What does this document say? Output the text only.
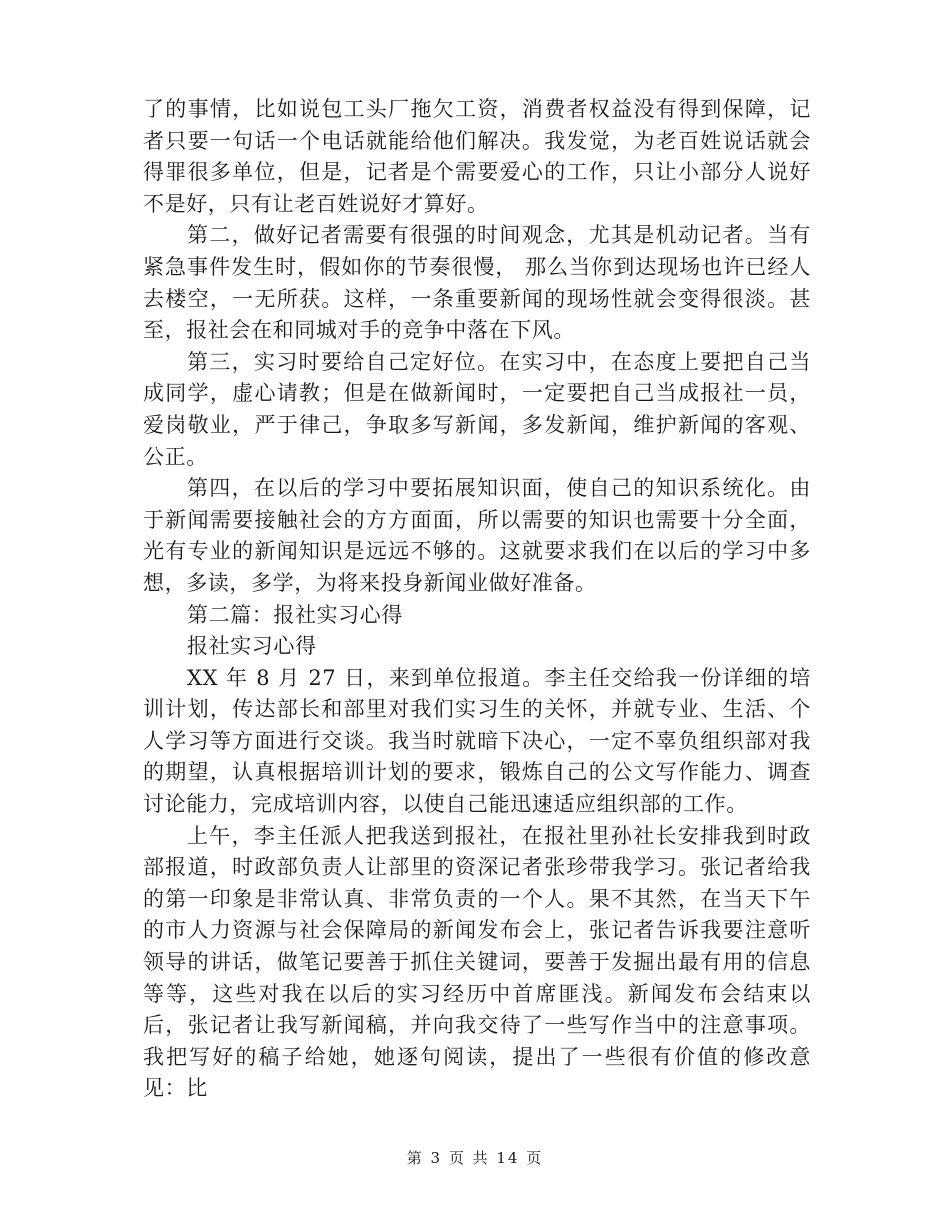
了的事情，比如说包工头厂拖欠工资，消费者权益没有得到保障，记者只要一句话一个电话就能给他们解决。我发觉，为老百姓说话就会得罪很多单位，但是，记者是个需要爱心的工作，只让小部分人说好不是好，只有让老百姓说好才算好。

第二，做好记者需要有很强的时间观念，尤其是机动记者。当有紧急事件发生时，假如你的节奏很慢， 那么当你到达现场也许已经人去楼空，一无所获。这样，一条重要新闻的现场性就会变得很淡。甚至，报社会在和同城对手的竞争中落在下风。

第三，实习时要给自己定好位。在实习中，在态度上要把自己当成同学，虚心请教；但是在做新闻时，一定要把自己当成报社一员，爱岗敬业，严于律己，争取多写新闻，多发新闻，维护新闻的客观、公正。

第四，在以后的学习中要拓展知识面，使自己的知识系统化。由于新闻需要接触社会的方方面面，所以需要的知识也需要十分全面，光有专业的新闻知识是远远不够的。这就要求我们在以后的学习中多想，多读，多学，为将来投身新闻业做好准备。

第二篇：报社实习心得

报社实习心得

XX 年 8 月 27 日，来到单位报道。李主任交给我一份详细的培训计划，传达部长和部里对我们实习生的关怀，并就专业、生活、个人学习等方面进行交谈。我当时就暗下决心，一定不辜负组织部对我的期望，认真根据培训计划的要求，锻炼自己的公文写作能力、调查讨论能力，完成培训内容，以使自己能迅速适应组织部的工作。

上午，李主任派人把我送到报社，在报社里孙社长安排我到时政部报道，时政部负责人让部里的资深记者张珍带我学习。张记者给我的第一印象是非常认真、非常负责的一个人。果不其然，在当天下午的市人力资源与社会保障局的新闻发布会上，张记者告诉我要注意听领导的讲话，做笔记要善于抓住关键词，要善于发掘出最有用的信息等等，这些对我在以后的实习经历中首席匪浅。新闻发布会结束以后，张记者让我写新闻稿，并向我交待了一些写作当中的注意事项。我把写好的稿子给她，她逐句阅读，提出了一些很有价值的修改意见：比

第 3 页 共 14 页
